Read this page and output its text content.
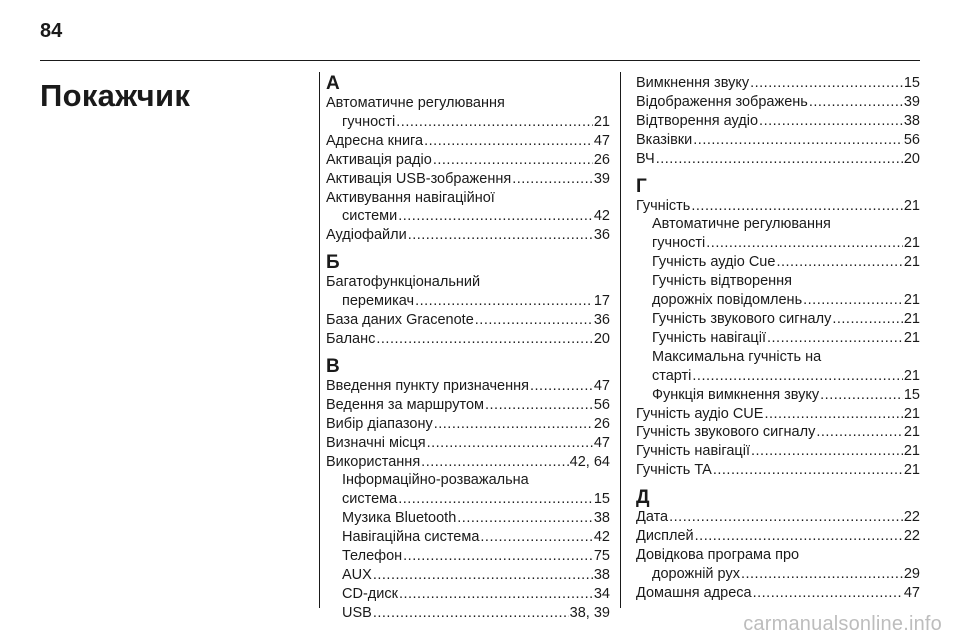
84
Покажчик	А
Автоматичне регулювання
гучності .....	21
Адресна книга .....	47
Активація радіо .....	26
Активація USB-зображення .....	39
Активування навігаційної
системи .....	42
Аудіофайли .....	36
Б
Багатофункціональний
перемикач .....	17
База даних Gracenote .....	36
Баланс .....	20
В
Введення пункту призначення .....	47
Ведення за маршрутом .....	56
Вибір діапазону .....	26
Визначні місця .....	47
Використання .....	42, 64
Інформаційно-розважальна
система .....	15
Музика Bluetooth .....	38
Навігаційна система .....	42
Телефон .....	75
AUX .....	38
CD-диск .....	34
USB .....	38, 39
Вимкнення звуку .....	15
Відображення зображень .....	39
Відтворення аудіо .....	38
Вказівки .....	56
ВЧ .....	20
Г
Гучність .....	21
Автоматичне регулювання
гучності .....	21
Гучність аудіо Cue .....	21
Гучність відтворення
дорожніх повідомлень .....	21
Гучність звукового сигналу .....	21
Гучність навігації .....	21
Максимальна гучність на
старті .....	21
Функція вимкнення звуку .....	15
Гучність аудіо CUE .....	21
Гучність звукового сигналу .....	21
Гучність навігації .....	21
Гучність TA .....	21
Д
Дата .....	22
Дисплей .....	22
Довідкова програма про
дорожній рух .....	29
Домашня адреса .....	47
carmanualsonline.info
